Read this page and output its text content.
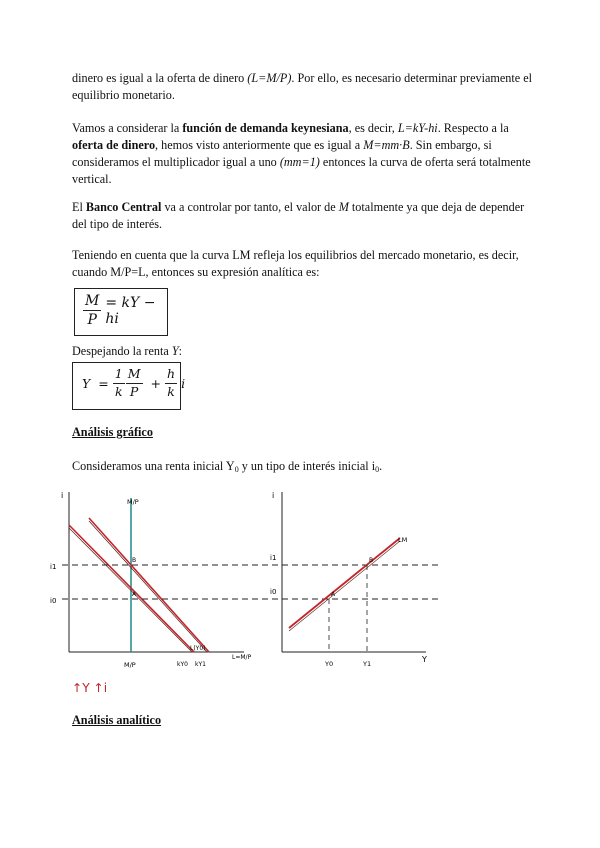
dinero es igual a la oferta de dinero (L=M/P). Por ello, es necesario determinar previamente el equilibrio monetario.

Vamos a considerar la función de demanda keynesiana, es decir, L=kY-hi. Respecto a la oferta de dinero, hemos visto anteriormente que es igual a M=mm·B. Sin embargo, si consideramos el multiplicador igual a uno (mm=1) entonces la curva de oferta será totalmente vertical.

El Banco Central va a controlar por tanto, el valor de M totalmente ya que deja de depender del tipo de interés.

Teniendo en cuenta que la curva LM refleja los equilibrios del mercado monetario, es decir, cuando M/P=L, entonces su expresión analítica es:

$\frac{M}{P}$ = kY − hi

Despejando la renta Y:

$Y = \frac{1}{k} \frac{M}{P} + \frac{h}{k}$ i
Análisis gráfico

Consideramos una renta inicial $Y_0$ y un tipo de interés inicial $i_0$.

i
L=M/P
M/P
M/P
L(Y0)
kY0 kY1
i1
i0
B
A
i
Y
LM
i1
i0	A
B
Y0	Y1
↑Y ↑i
Análisis analítico
